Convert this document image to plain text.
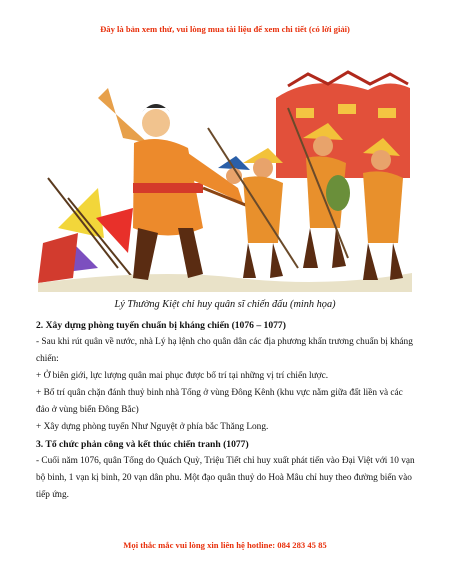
Đây là bản xem thử, vui lòng mua tài liệu để xem chi tiết (có lời giải)
Lý Thường Kiệt chỉ huy quân sĩ chiến đấu (minh họa)

2. Xây dựng phòng tuyến chuẩn bị kháng chiến (1076 – 1077)

- Sau khi rút quân về nước, nhà Lý hạ lệnh cho quân dân các địa phương khẩn trương chuẩn bị kháng chiến:

+ Ở biên giới, lực lượng quân mai phục được bố trí tại những vị trí chiến lược.

+ Bố trí quân chặn đánh thuỷ binh nhà Tống ở vùng Đông Kênh (khu vực nằm giữa đất liền và các đảo ở vùng biển Đông Bắc)

+ Xây dựng phòng tuyến Như Nguyệt ở phía bắc Thăng Long.

3. Tổ chức phản công và kết thúc chiến tranh (1077)

- Cuối năm 1076, quân Tống do Quách Quỳ, Triệu Tiết chỉ huy xuất phát tiến vào Đại Việt với 10 vạn bộ binh, 1 vạn kị binh, 20 vạn dân phu. Một đạo quân thuỷ do Hoà Mâu chỉ huy theo đường biển vào tiếp ứng.

Mọi thắc mắc vui lòng xin liên hệ hotline: 084 283 45 85
